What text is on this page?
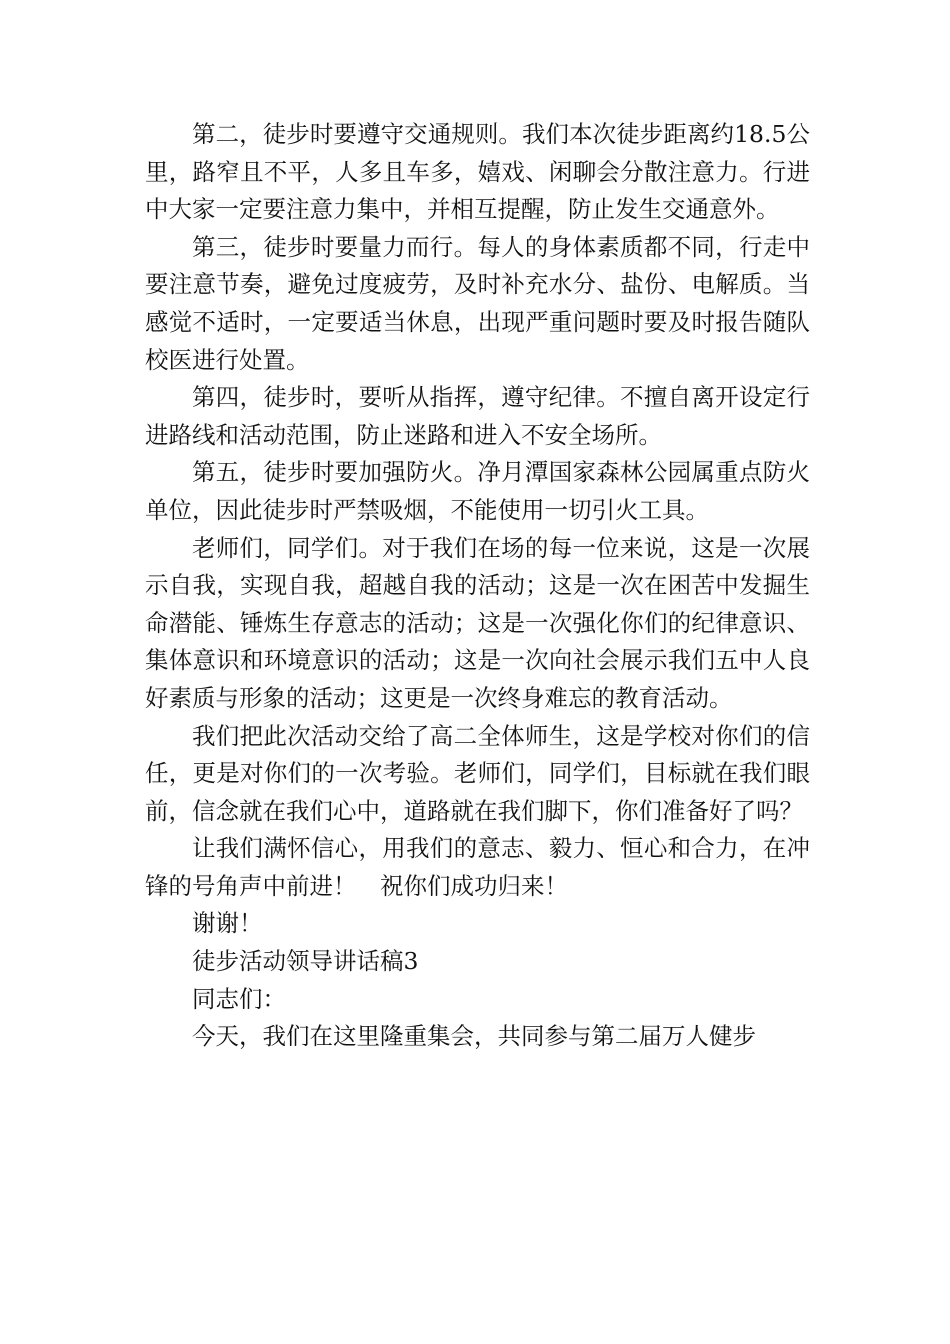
第二，徒步时要遵守交通规则。我们本次徒步距离约18.5公里，路窄且不平，人多且车多，嬉戏、闲聊会分散注意力。行进中大家一定要注意力集中，并相互提醒，防止发生交通意外。

第三，徒步时要量力而行。每人的身体素质都不同，行走中要注意节奏，避免过度疲劳，及时补充水分、盐份、电解质。当感觉不适时，一定要适当休息，出现严重问题时要及时报告随队校医进行处置。

第四，徒步时，要听从指挥，遵守纪律。不擅自离开设定行进路线和活动范围，防止迷路和进入不安全场所。

第五，徒步时要加强防火。净月潭国家森林公园属重点防火单位，因此徒步时严禁吸烟，不能使用一切引火工具。

老师们，同学们。对于我们在场的每一位来说，这是一次展示自我，实现自我，超越自我的活动；这是一次在困苦中发掘生命潜能、锤炼生存意志的活动；这是一次强化你们的纪律意识、集体意识和环境意识的活动；这是一次向社会展示我们五中人良好素质与形象的活动；这更是一次终身难忘的教育活动。

我们把此次活动交给了高二全体师生，这是学校对你们的信任，更是对你们的一次考验。老师们，同学们，目标就在我们眼前，信念就在我们心中，道路就在我们脚下，你们准备好了吗？

让我们满怀信心，用我们的意志、毅力、恒心和合力，在冲锋的号角声中前进！　祝你们成功归来！

谢谢！

徒步活动领导讲话稿3

同志们：

今天，我们在这里隆重集会，共同参与第二届万人健步
